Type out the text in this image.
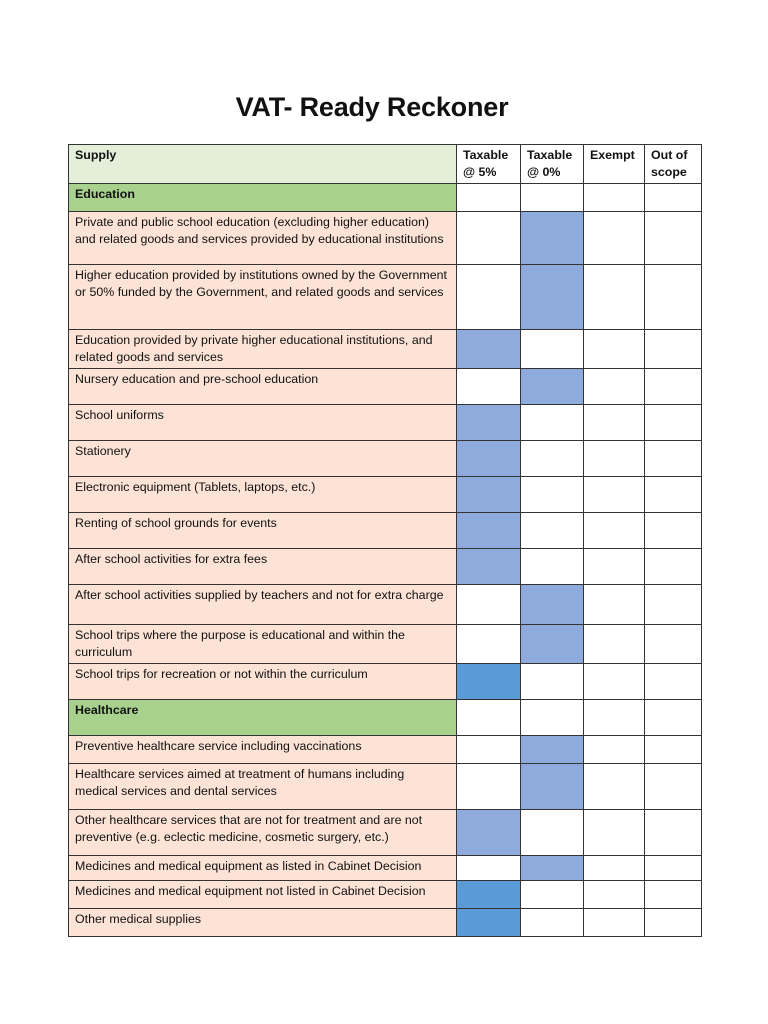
VAT- Ready Reckoner
Supply	Taxable @ 5%	Taxable @ 0%	Exempt	Out of scope
Education				
Private and public school education (excluding higher education) and related goods and services provided by educational institutions				
Higher education provided by institutions owned by the Government or 50% funded by the Government, and related goods and services				
Education provided by private higher educational institutions, and related goods and services				
Nursery education and pre-school education				
School uniforms				
Stationery				
Electronic equipment (Tablets, laptops, etc.)				
Renting of school grounds for events				
After school activities for extra fees				
After school activities supplied by teachers and not for extra charge				
School trips where the purpose is educational and within the curriculum				
School trips for recreation or not within the curriculum				
Healthcare				
Preventive healthcare service including vaccinations				
Healthcare services aimed at treatment of humans including medical services and dental services				
Other healthcare services that are not for treatment and are not preventive (e.g. eclectic medicine, cosmetic surgery, etc.)				
Medicines and medical equipment as listed in Cabinet Decision				
Medicines and medical equipment not listed in Cabinet Decision				
Other medical supplies				
